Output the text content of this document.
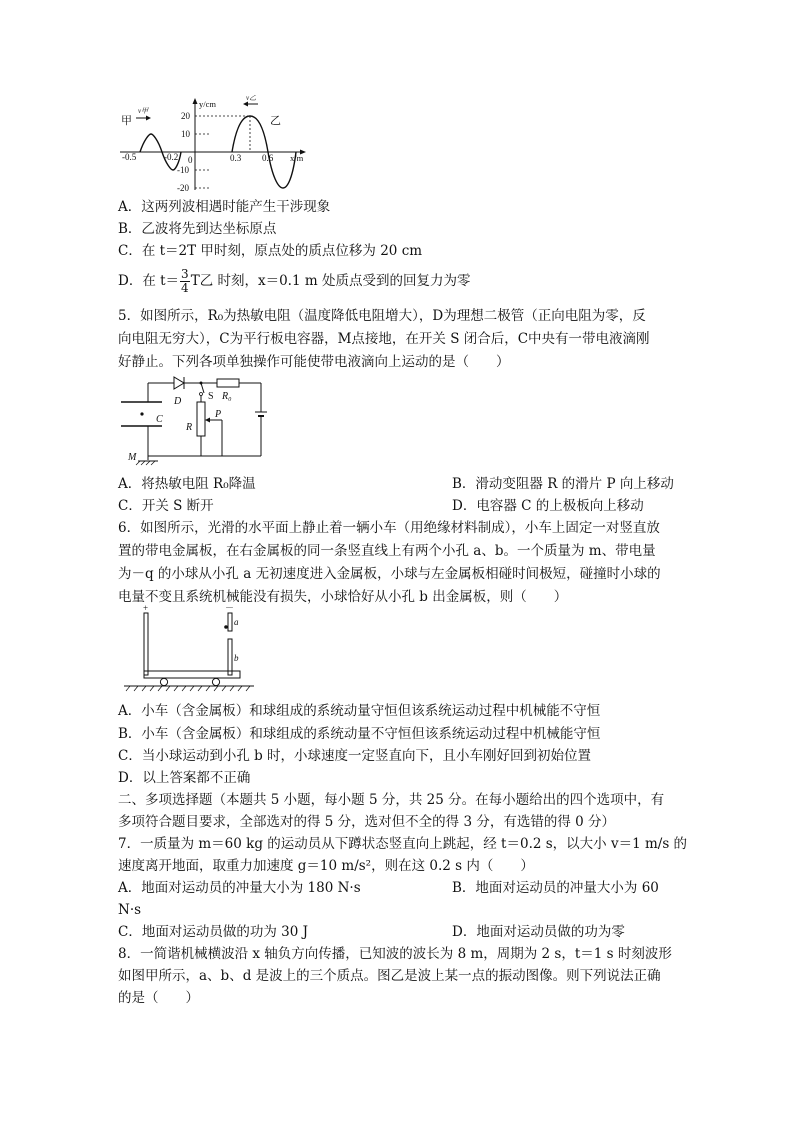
甲	乙
v甲
v乙
y/cm
x/m
20
10
-10
-20
-0.5	-0.2 0	0.3 0.6
A．这两列波相遇时能产生干涉现象
B．乙波将先到达坐标原点
C．在 t＝2T 甲时刻，原点处的质点位移为 20 cm
D．在 $t= \frac{3}{4}$ T乙 时刻，x＝0.1 m 处质点受到的回复力为零
5．如图所示，R₀为热敏电阻（温度降低电阻增大），D为理想二极管（正向电阻为零，反
向电阻无穷大），C为平行板电容器，M点接地，在开关 S 闭合后，C中央有一带电液滴刚
好静止。下列各项单独操作可能使带电液滴向上运动的是（　　）
D	S R₀
C
R
P
M
A．将热敏电阻 R₀降温	B．滑动变阻器 R 的滑片 P 向上移动
C．开关 S 断开	D．电容器 C 的上极板向上移动
6．如图所示，光滑的水平面上静止着一辆小车（用绝缘材料制成），小车上固定一对竖直放
置的带电金属板，在右金属板的同一条竖直线上有两个小孔 a、b。一个质量为 m、带电量
为－q 的小球从小孔 a 无初速度进入金属板，小球与左金属板相碰时间极短，碰撞时小球的
电量不变且系统机械能没有损失，小球恰好从小孔 b 出金属板，则（　　）
+	－
a
b
A．小车（含金属板）和球组成的系统动量守恒但该系统运动过程中机械能不守恒
B．小车（含金属板）和球组成的系统动量不守恒但该系统运动过程中机械能守恒
C．当小球运动到小孔 b 时，小球速度一定竖直向下，且小车刚好回到初始位置
D．以上答案都不正确
二、多项选择题（本题共 5 小题，每小题 5 分，共 25 分。在每小题给出的四个选项中，有
多项符合题目要求，全部选对的得 5 分，选对但不全的得 3 分，有选错的得 0 分）
7．一质量为 m＝60 kg 的运动员从下蹲状态竖直向上跳起，经 t＝0.2 s，以大小 v＝1 m/s 的
速度离开地面，取重力加速度 g＝10 m/s²，则在这 0.2 s 内（　　）
A．地面对运动员的冲量大小为 180 N·s	B．地面对运动员的冲量大小为 60
N·s
C．地面对运动员做的功为 30 J	D．地面对运动员做的功为零
8．一简谐机械横波沿 x 轴负方向传播，已知波的波长为 8 m，周期为 2 s，t＝1 s 时刻波形
如图甲所示，a、b、d 是波上的三个质点。图乙是波上某一点的振动图像。则下列说法正确
的是（　　）
